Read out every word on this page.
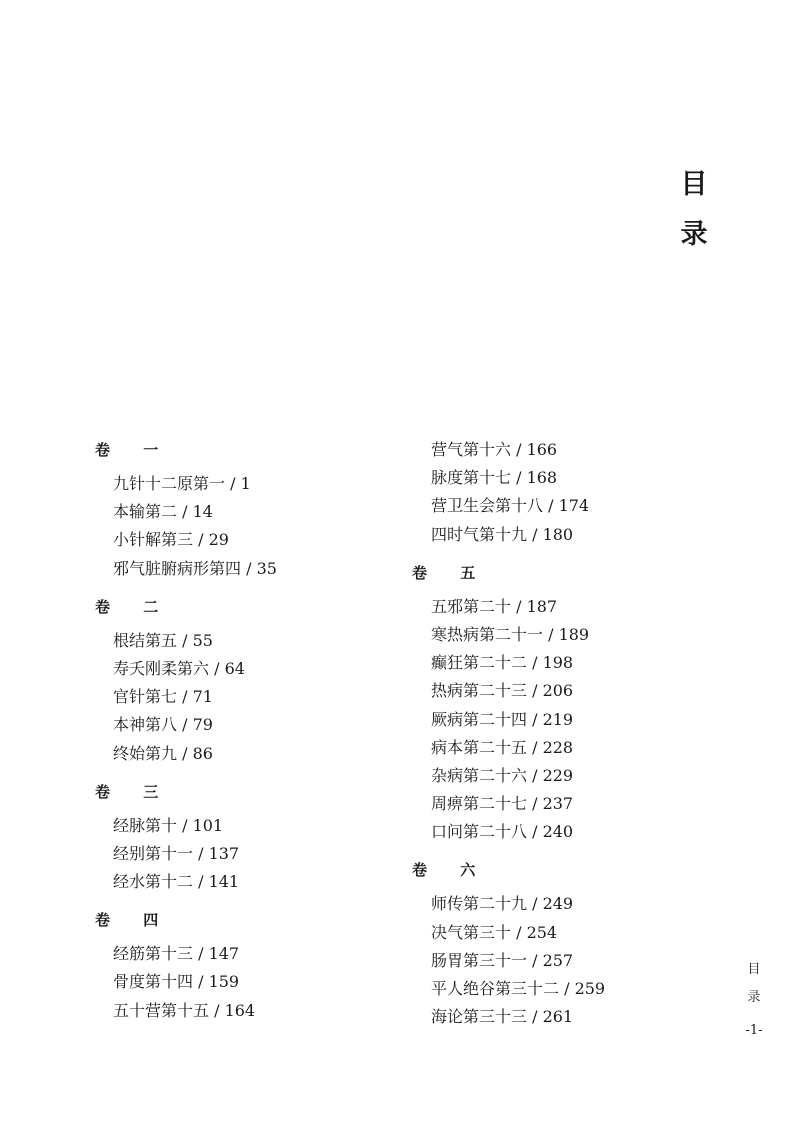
目
录
卷 一
九针十二原第一 / 1
本输第二 / 14
小针解第三 / 29
邪气脏腑病形第四 / 35
卷 二
根结第五 / 55
寿夭刚柔第六 / 64
官针第七 / 71
本神第八 / 79
终始第九 / 86
卷 三
经脉第十 / 101
经别第十一 / 137
经水第十二 / 141
卷 四
经筋第十三 / 147
骨度第十四 / 159
五十营第十五 / 164
营气第十六 / 166
脉度第十七 / 168
营卫生会第十八 / 174
四时气第十九 / 180
卷 五
五邪第二十 / 187
寒热病第二十一 / 189
癫狂第二十二 / 198
热病第二十三 / 206
厥病第二十四 / 219
病本第二十五 / 228
杂病第二十六 / 229
周痹第二十七 / 237
口问第二十八 / 240
卷 六
师传第二十九 / 249
决气第三十 / 254
肠胃第三十一 / 257
平人绝谷第三十二 / 259
海论第三十三 / 261
目
录
-1-
